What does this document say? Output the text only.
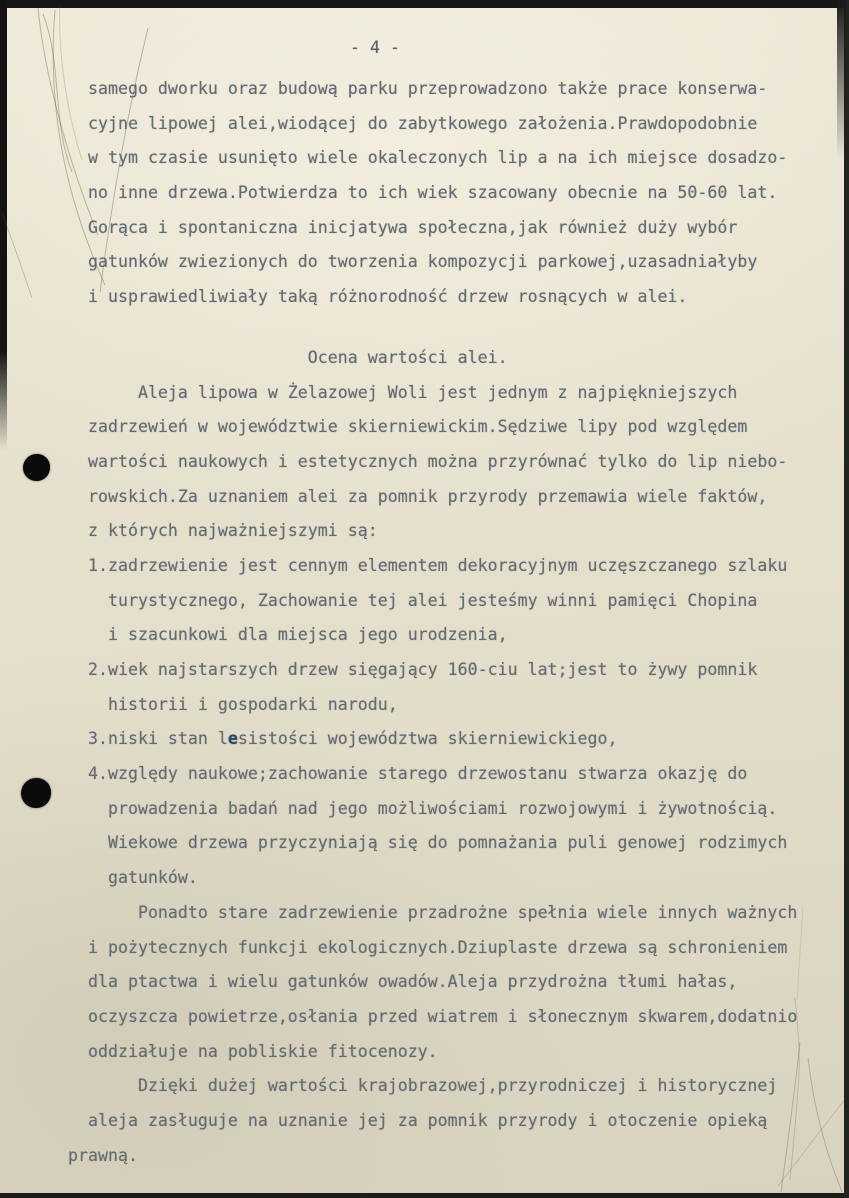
- 4 -
samego dworku oraz budową parku przeprowadzono także prace konserwa-
cyjne lipowej alei,wiodącej do zabytkowego założenia.Prawdopodobnie
w tym czasie usunięto wiele okaleczonych lip a na ich miejsce dosadzo-
no inne drzewa.Potwierdza to ich wiek szacowany obecnie na 50-60 lat.
Gorąca i spontaniczna inicjatywa społeczna,jak również duży wybór
gatunków zwiezionych do tworzenia kompozycji parkowej,uzasadniałyby
i usprawiedliwiały taką różnorodność drzew rosnących w alei.
Ocena wartości alei.
Aleja lipowa w Żelazowej Woli jest jednym z najpiękniejszych
zadrzewień w województwie skierniewickim.Sędziwe lipy pod względem
wartości naukowych i estetycznych można przyrównać tylko do lip niebo-
rowskich.Za uznaniem alei za pomnik przyrody przemawia wiele faktów,
z których najważniejszymi są:
1.zadrzewienie jest cennym elementem dekoracyjnym uczęszczanego szlaku
turystycznego, Zachowanie tej alei jesteśmy winni pamięci Chopina
i szacunkowi dla miejsca jego urodzenia,
2.wiek najstarszych drzew sięgający 160-ciu lat;jest to żywy pomnik
historii i gospodarki narodu,
3.niski stan lesistości województwa skierniewickiego,
4.względy naukowe;zachowanie starego drzewostanu stwarza okazję do
prowadzenia badań nad jego możliwościami rozwojowymi i żywotnością.
Wiekowe drzewa przyczyniają się do pomnażania puli genowej rodzimych
gatunków.
Ponadto stare zadrzewienie przadrożne spełnia wiele innych ważnych
i pożytecznych funkcji ekologicznych.Dziuplaste drzewa są schronieniem
dla ptactwa i wielu gatunków owadów.Aleja przydrożna tłumi hałas,
oczyszcza powietrze,osłania przed wiatrem i słonecznym skwarem,dodatnio
oddziałuje na pobliskie fitocenozy.
Dzięki dużej wartości krajobrazowej,przyrodniczej i historycznej
aleja zasługuje na uznanie jej za pomnik przyrody i otoczenie opieką
prawną.
